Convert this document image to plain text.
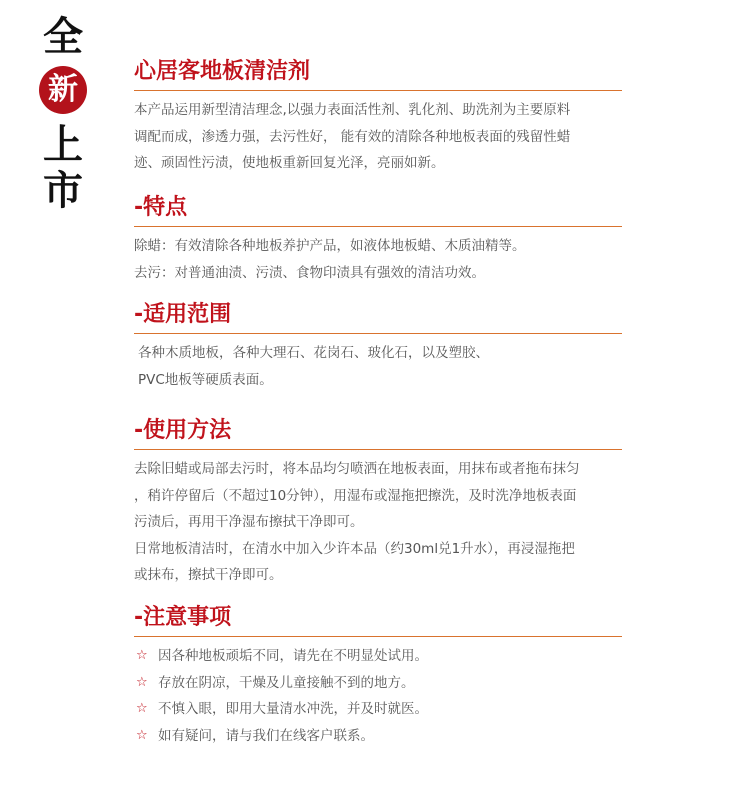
全
新
上
市
心居客地板清洁剂

本产品运用新型清洁理念,以强力表面活性剂、乳化剂、助洗剂为主要原料

调配而成，渗透力强，去污性好， 能有效的清除各种地板表面的残留性蜡

迹、顽固性污渍，使地板重新回复光泽，亮丽如新。

-特点

除蜡：有效清除各种地板养护产品，如液体地板蜡、木质油精等。

去污：对普通油渍、污渍、食物印渍具有强效的清洁功效。

-适用范围

各种木质地板，各种大理石、花岗石、玻化石，以及塑胶、

PVC地板等硬质表面。

-使用方法

去除旧蜡或局部去污时，将本品均匀喷洒在地板表面，用抹布或者拖布抹匀

，稍许停留后（不超过10分钟），用湿布或湿拖把擦洗，及时洗净地板表面

污渍后，再用干净湿布擦拭干净即可。

日常地板清洁时，在清水中加入少许本品（约30ml兑1升水），再浸湿拖把

或抹布，擦拭干净即可。

-注意事项
☆ 因各种地板顽垢不同，请先在不明显处试用。
☆ 存放在阴凉，干燥及儿童接触不到的地方。
☆ 不慎入眼，即用大量清水冲洗，并及时就医。
☆ 如有疑问，请与我们在线客户联系。
